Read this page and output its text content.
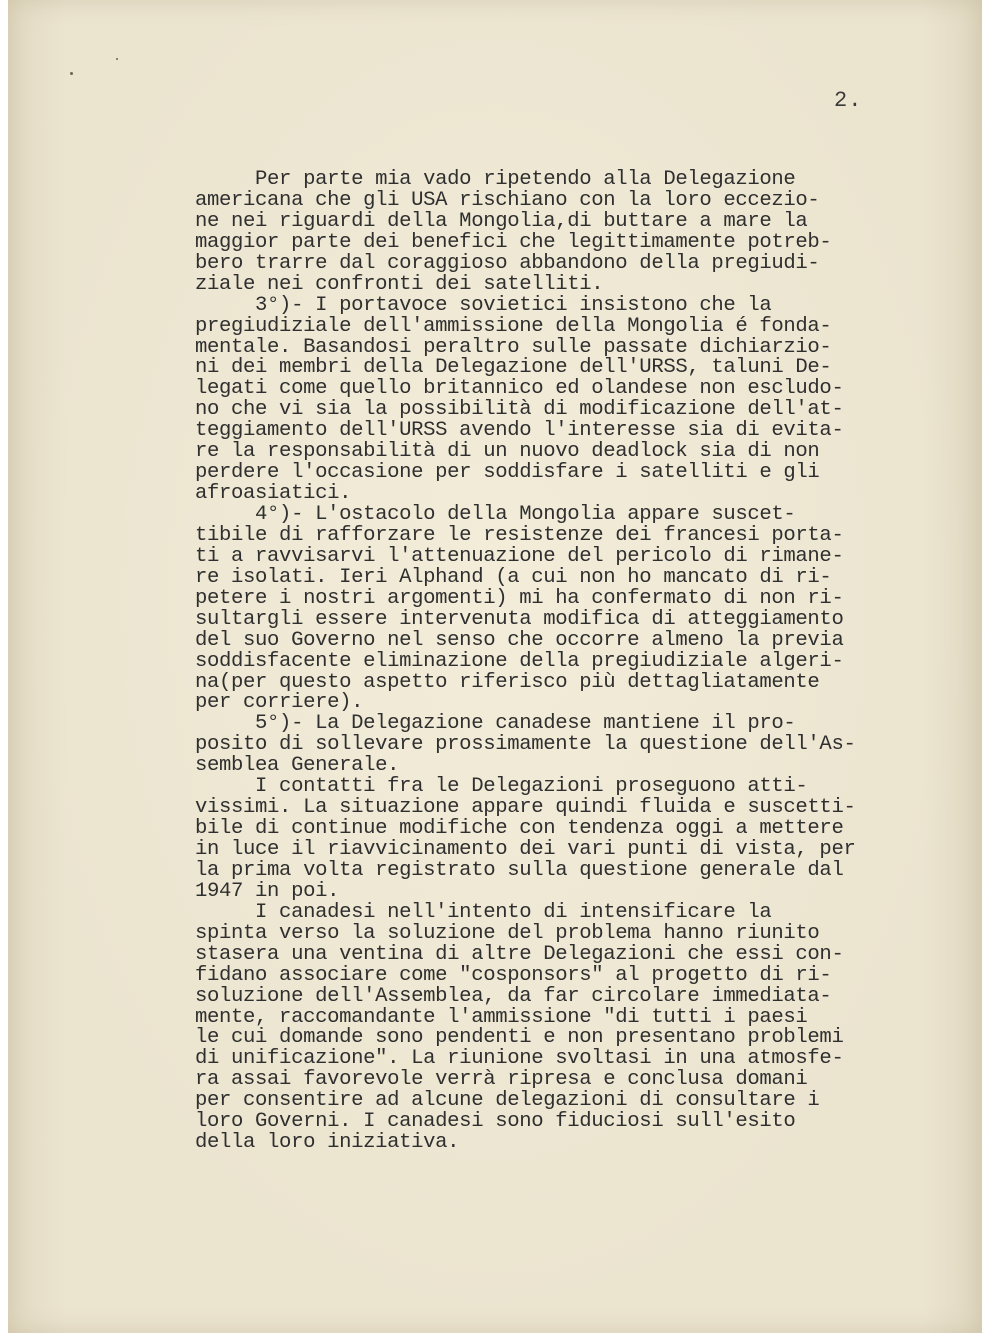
2.
Per parte mia vado ripetendo alla Delegazione
americana che gli USA rischiano con la loro eccezio-
ne nei riguardi della Mongolia,di buttare a mare la
maggior parte dei benefici che legittimamente potreb-
bero trarre dal coraggioso abbandono della pregiudi-
ziale nei confronti dei satelliti.
3°)- I portavoce sovietici insistono che la
pregiudiziale dell'ammissione della Mongolia é fonda-
mentale. Basandosi peraltro sulle passate dichiarzio-
ni dei membri della Delegazione dell'URSS, taluni De-
legati come quello britannico ed olandese non escludo-
no che vi sia la possibilità di modificazione dell'at-
teggiamento dell'URSS avendo l'interesse sia di evita-
re la responsabilità di un nuovo deadlock sia di non
perdere l'occasione per soddisfare i satelliti e gli
afroasiatici.
4°)- L'ostacolo della Mongolia appare suscet-
tibile di rafforzare le resistenze dei francesi porta-
ti a ravvisarvi l'attenuazione del pericolo di rimane-
re isolati. Ieri Alphand (a cui non ho mancato di ri-
petere i nostri argomenti) mi ha confermato di non ri-
sultargli essere intervenuta modifica di atteggiamento
del suo Governo nel senso che occorre almeno la previa
soddisfacente eliminazione della pregiudiziale algeri-
na(per questo aspetto riferisco più dettagliatamente
per corriere).
5°)- La Delegazione canadese mantiene il pro-
posito di sollevare prossimamente la questione dell'As-
semblea Generale.
I contatti fra le Delegazioni proseguono atti-
vissimi. La situazione appare quindi fluida e suscetti-
bile di continue modifiche con tendenza oggi a mettere
in luce il riavvicinamento dei vari punti di vista, per
la prima volta registrato sulla questione generale dal
1947 in poi.
I canadesi nell'intento di intensificare la
spinta verso la soluzione del problema hanno riunito
stasera una ventina di altre Delegazioni che essi con-
fidano associare come "cosponsors" al progetto di ri-
soluzione dell'Assemblea, da far circolare immediata-
mente, raccomandante l'ammissione "di tutti i paesi
le cui domande sono pendenti e non presentano problemi
di unificazione". La riunione svoltasi in una atmosfe-
ra assai favorevole verrà ripresa e conclusa domani
per consentire ad alcune delegazioni di consultare i
loro Governi. I canadesi sono fiduciosi sull'esito
della loro iniziativa.
